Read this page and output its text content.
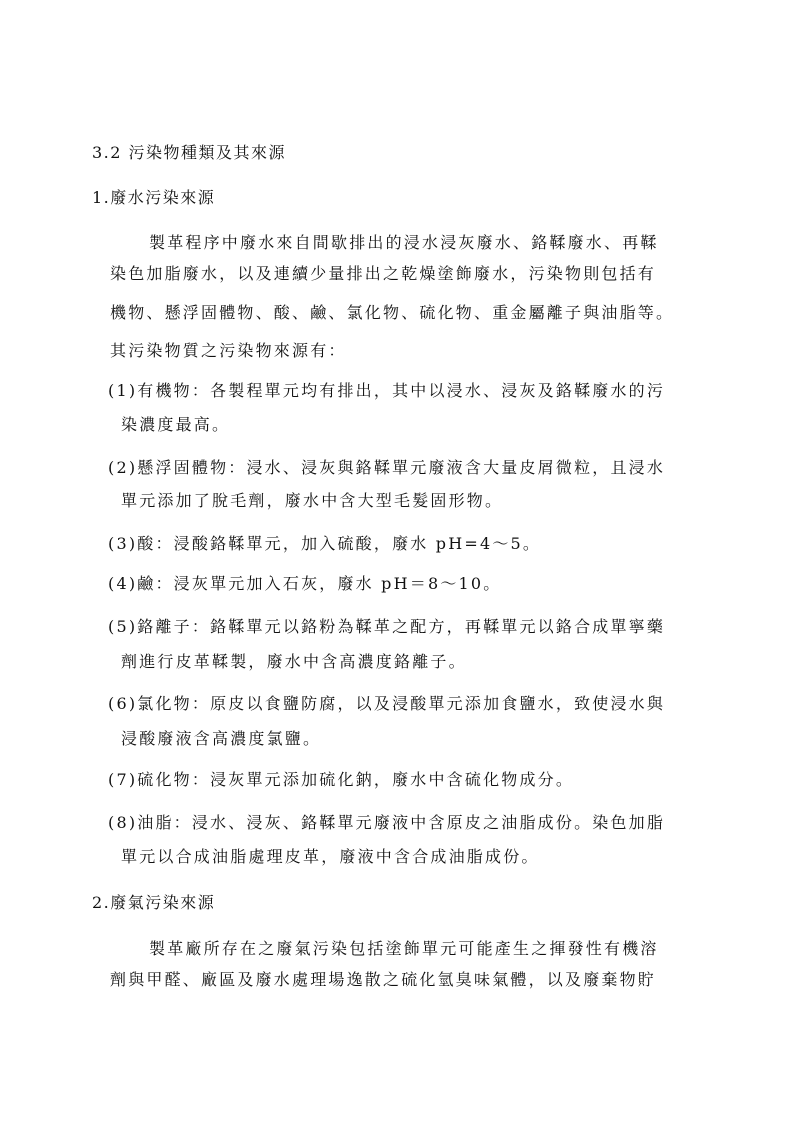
3.2 污染物種類及其來源
1.廢水污染來源
製革程序中廢水來自間歇排出的浸水浸灰廢水、鉻鞣廢水、再鞣
染色加脂廢水，以及連續少量排出之乾燥塗飾廢水，污染物則包括有
機物、懸浮固體物、酸、鹼、氯化物、硫化物、重金屬離子與油脂等。
其污染物質之污染物來源有：
(1)有機物：各製程單元均有排出，其中以浸水、浸灰及鉻鞣廢水的污
染濃度最高。
(2)懸浮固體物：浸水、浸灰與鉻鞣單元廢液含大量皮屑微粒，且浸水
單元添加了脫毛劑，廢水中含大型毛髮固形物。
(3)酸：浸酸鉻鞣單元，加入硫酸，廢水 pH=4～5。
(4)鹼：浸灰單元加入石灰，廢水 pH＝8～10。
(5)鉻離子：鉻鞣單元以鉻粉為鞣革之配方，再鞣單元以鉻合成單寧藥
劑進行皮革鞣製，廢水中含高濃度鉻離子。
(6)氯化物：原皮以食鹽防腐，以及浸酸單元添加食鹽水，致使浸水與
浸酸廢液含高濃度氯鹽。
(7)硫化物：浸灰單元添加硫化鈉，廢水中含硫化物成分。
(8)油脂：浸水、浸灰、鉻鞣單元廢液中含原皮之油脂成份。染色加脂
單元以合成油脂處理皮革，廢液中含合成油脂成份。
2.廢氣污染來源
製革廠所存在之廢氣污染包括塗飾單元可能產生之揮發性有機溶
劑與甲醛、廠區及廢水處理場逸散之硫化氫臭味氣體，以及廢棄物貯
